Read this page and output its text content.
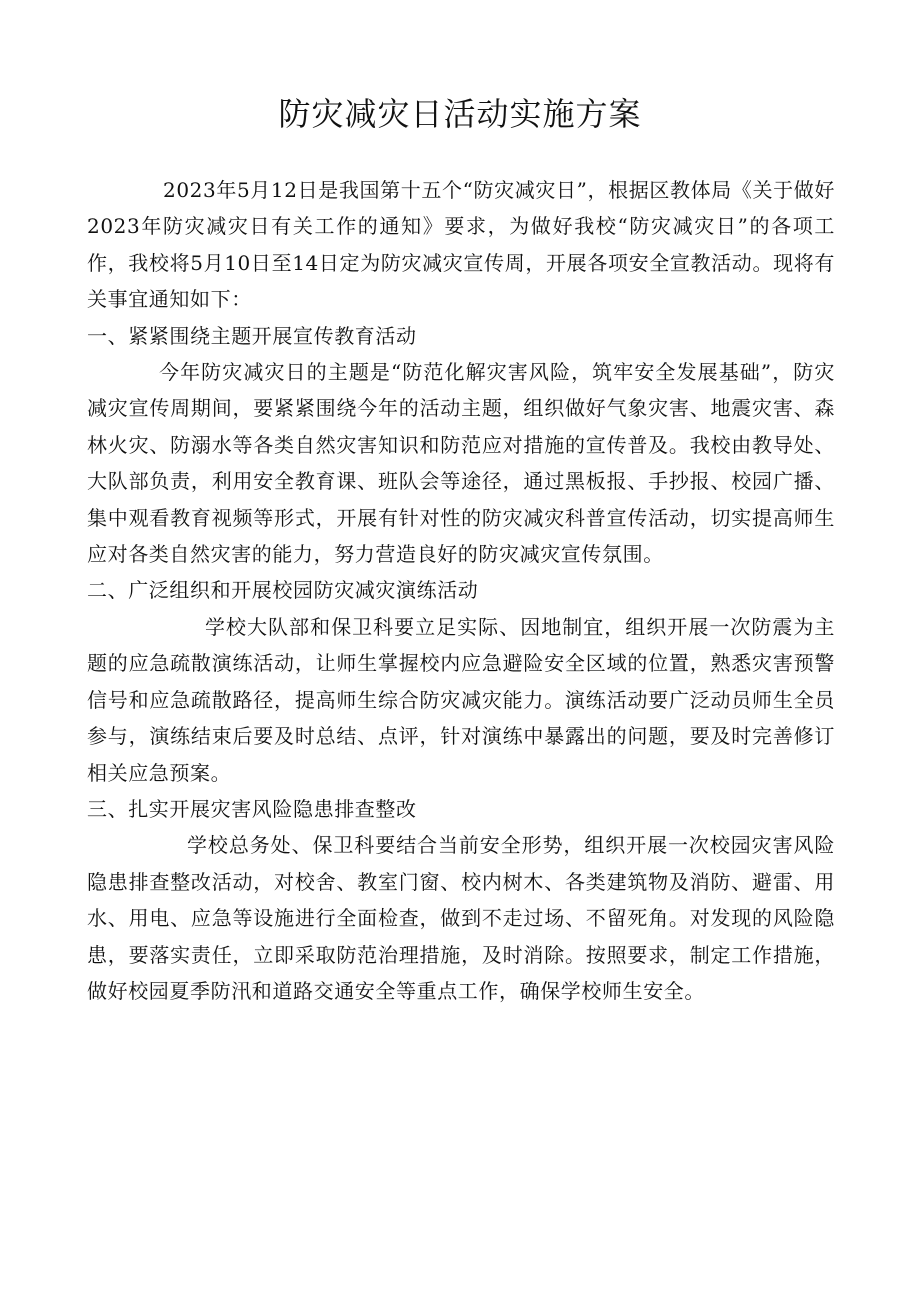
防灾减灾日活动实施方案

2023年5月12日是我国第十五个“防灾减灾日”，根据区教体局《关于做好2023年防灾减灾日有关工作的通知》要求，为做好我校“防灾减灾日”的各项工作，我校将5月10日至14日定为防灾减灾宣传周，开展各项安全宣教活动。现将有关事宜通知如下：

一、紧紧围绕主题开展宣传教育活动

今年防灾减灾日的主题是“防范化解灾害风险，筑牢安全发展基础”，防灾减灾宣传周期间，要紧紧围绕今年的活动主题，组织做好气象灾害、地震灾害、森林火灾、防溺水等各类自然灾害知识和防范应对措施的宣传普及。我校由教导处、大队部负责，利用安全教育课、班队会等途径，通过黑板报、手抄报、校园广播、集中观看教育视频等形式，开展有针对性的防灾减灾科普宣传活动，切实提高师生应对各类自然灾害的能力，努力营造良好的防灾减灾宣传氛围。

二、广泛组织和开展校园防灾减灾演练活动

学校大队部和保卫科要立足实际、因地制宜，组织开展一次防震为主题的应急疏散演练活动，让师生掌握校内应急避险安全区域的位置，熟悉灾害预警信号和应急疏散路径，提高师生综合防灾减灾能力。演练活动要广泛动员师生全员参与，演练结束后要及时总结、点评，针对演练中暴露出的问题，要及时完善修订相关应急预案。

三、扎实开展灾害风险隐患排查整改

学校总务处、保卫科要结合当前安全形势，组织开展一次校园灾害风险隐患排查整改活动，对校舍、教室门窗、校内树木、各类建筑物及消防、避雷、用水、用电、应急等设施进行全面检查，做到不走过场、不留死角。对发现的风险隐患，要落实责任，立即采取防范治理措施，及时消除。按照要求，制定工作措施，做好校园夏季防汛和道路交通安全等重点工作，确保学校师生安全。
